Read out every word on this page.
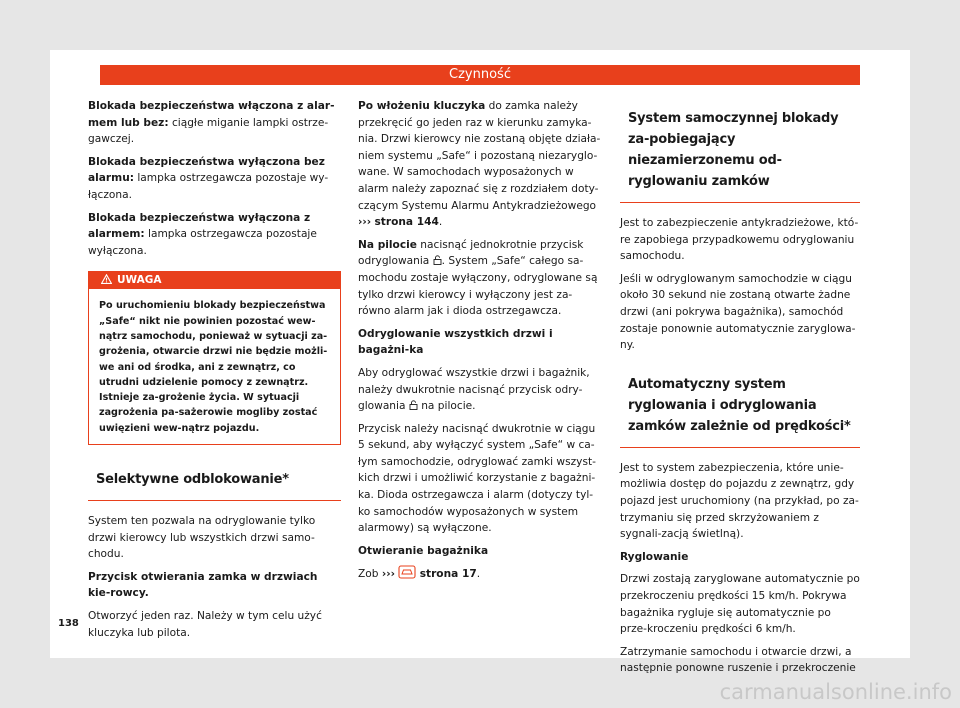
Czynność

Blokada bezpieczeństwa włączona z alar-mem lub bez: ciągłe miganie lampki ostrze-gawczej.

Blokada bezpieczeństwa wyłączona bez alarmu: lampka ostrzegawcza pozostaje wy-łączona.

Blokada bezpieczeństwa wyłączona z alarmem: lampka ostrzegawcza pozostaje wyłączona.

UWAGA
Po uruchomieniu blokady bezpieczeństwa „Safe“ nikt nie powinien pozostać wew-nątrz samochodu, ponieważ w sytuacji za-grożenia, otwarcie drzwi nie będzie możli-we ani od środka, ani z zewnątrz, co utrudni udzielenie pomocy z zewnątrz. Istnieje za-grożenie życia. W sytuacji zagrożenia pa-sażerowie mogliby zostać uwięzieni wew-nątrz pojazdu.
Selektywne odblokowanie*

System ten pozwala na odryglowanie tylko drzwi kierowcy lub wszystkich drzwi samo-chodu.

Przycisk otwierania zamka w drzwiach kie-rowcy.

Otworzyć jeden raz. Należy w tym celu użyć kluczyka lub pilota.

Po włożeniu kluczyka do zamka należy przekręcić go jeden raz w kierunku zamyka-nia. Drzwi kierowcy nie zostaną objęte działa-niem systemu „Safe“ i pozostaną niezaryglo-wane. W samochodach wyposażonych w alarm należy zapoznać się z rozdziałem doty-czącym Systemu Alarmu Antykradzieżowego ››› strona 144.

Na pilocie nacisnąć jednokrotnie przycisk odryglowania . System „Safe“ całego sa-mochodu zostaje wyłączony, odryglowane są tylko drzwi kierowcy i wyłączony jest za-równo alarm jak i dioda ostrzegawcza.

Odryglowanie wszystkich drzwi i bagażni-ka

Aby odryglować wszystkie drzwi i bagażnik, należy dwukrotnie nacisnąć przycisk odry-glowania  na pilocie.

Przycisk należy nacisnąć dwukrotnie w ciągu 5 sekund, aby wyłączyć system „Safe“ w ca-łym samochodzie, odryglować zamki wszyst-kich drzwi i umożliwić korzystanie z bagażni-ka. Dioda ostrzegawcza i alarm (dotyczy tyl-ko samochodów wyposażonych w system alarmowy) są wyłączone.

Otwieranie bagażnika

Zob ››› strona 17.

System samoczynnej blokady za-pobiegający niezamierzonemu od-ryglowaniu zamków

Jest to zabezpieczenie antykradzieżowe, któ-re zapobiega przypadkowemu odryglowaniu samochodu.

Jeśli w odryglowanym samochodzie w ciągu około 30 sekund nie zostaną otwarte żadne drzwi (ani pokrywa bagażnika), samochód zostaje ponownie automatycznie zaryglowa-ny.

Automatyczny system ryglowania i odryglowania zamków zależnie od prędkości*

Jest to system zabezpieczenia, które unie-możliwia dostęp do pojazdu z zewnątrz, gdy pojazd jest uruchomiony (na przykład, po za-trzymaniu się przed skrzyżowaniem z sygnali-zacją świetlną).

Ryglowanie

Drzwi zostają zaryglowane automatycznie po przekroczeniu prędkości 15 km/h. Pokrywa bagażnika rygluje się automatycznie po prze-kroczeniu prędkości 6 km/h.

Zatrzymanie samochodu i otwarcie drzwi, a następnie ponowne ruszenie i przekroczenie

138
carmanualsonline.info
